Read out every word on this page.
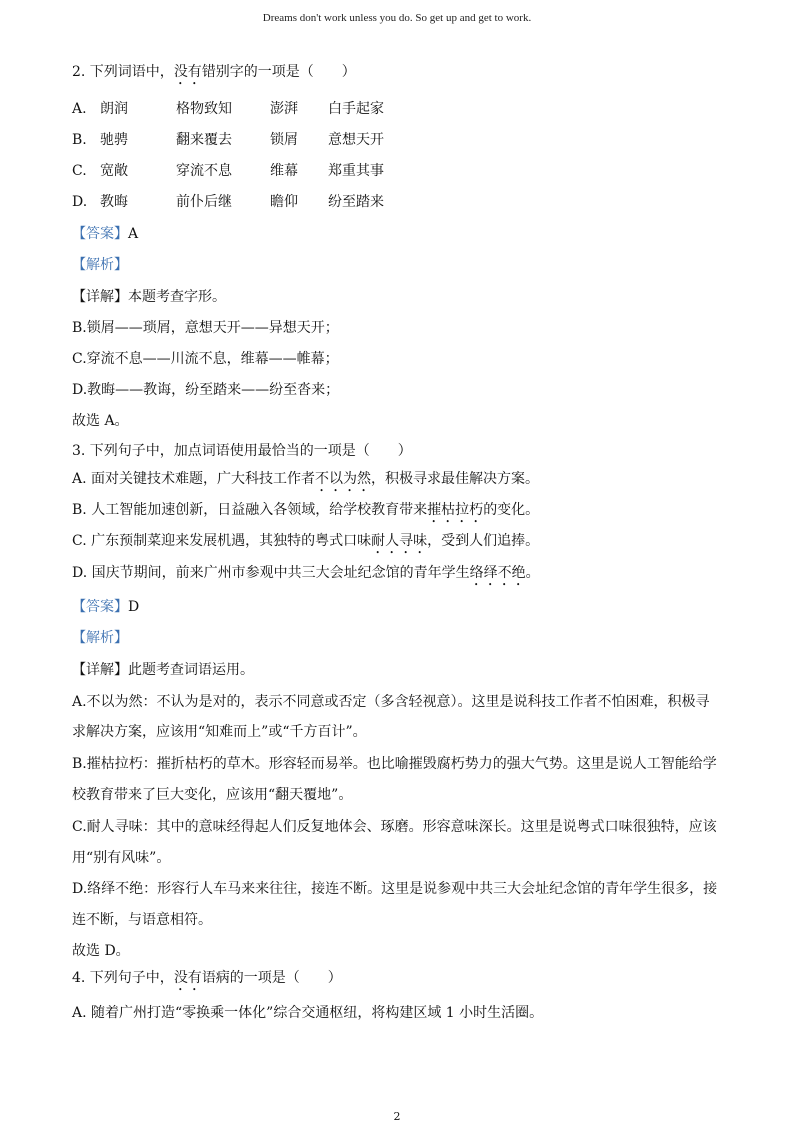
Dreams don't work unless you do. So get up and get to work.
2. 下列词语中，没有错别字的一项是（　　）
A. 朗润	格物致知	澎湃 白手起家
B. 驰骋	翻来覆去	锁屑 意想天开
C. 宽敞	穿流不息	维幕 郑重其事
D. 教晦	前仆后继	瞻仰 纷至踏来
【答案】A
【解析】
【详解】本题考查字形。
B.锁屑——琐屑，意想天开——异想天开；
C.穿流不息——川流不息，维幕——帷幕；
D.教晦——教诲，纷至踏来——纷至沓来；
故选 A。
3. 下列句子中，加点词语使用最恰当的一项是（　　）
A. 面对关键技术难题，广大科技工作者不以为然，积极寻求最佳解决方案。
B. 人工智能加速创新，日益融入各领域，给学校教育带来摧枯拉朽的变化。
C. 广东预制菜迎来发展机遇，其独特的粤式口味耐人寻味，受到人们追捧。
D. 国庆节期间，前来广州市参观中共三大会址纪念馆的青年学生络绎不绝。
【答案】D
【解析】
【详解】此题考查词语运用。
A.不以为然：不认为是对的，表示不同意或否定（多含轻视意）。这里是说科技工作者不怕困难，积极寻
求解决方案，应该用“知难而上”或“千方百计”。
B.摧枯拉朽：摧折枯朽的草木。形容轻而易举。也比喻摧毁腐朽势力的强大气势。这里是说人工智能给学
校教育带来了巨大变化，应该用“翻天覆地”。
C.耐人寻味：其中的意味经得起人们反复地体会、琢磨。形容意味深长。这里是说粤式口味很独特，应该
用“别有风味”。
D.络绎不绝：形容行人车马来来往往，接连不断。这里是说参观中共三大会址纪念馆的青年学生很多，接
连不断，与语意相符。
故选 D。
4. 下列句子中，没有语病的一项是（　　）
A. 随着广州打造“零换乘一体化”综合交通枢纽，将构建区域 1 小时生活圈。
2
